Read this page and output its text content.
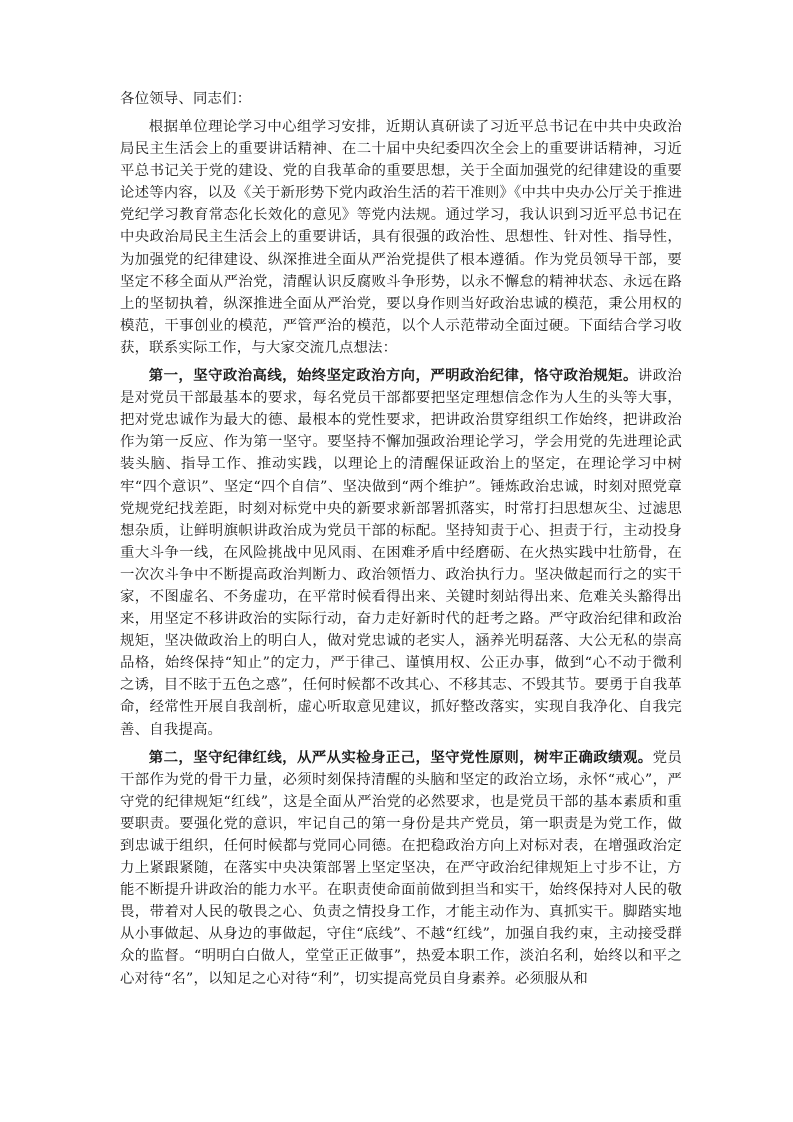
各位领导、同志们：

根据单位理论学习中心组学习安排，近期认真研读了习近平总书记在中共中央政治局民主生活会上的重要讲话精神、在二十届中央纪委四次全会上的重要讲话精神，习近平总书记关于党的建设、党的自我革命的重要思想，关于全面加强党的纪律建设的重要论述等内容，以及《关于新形势下党内政治生活的若干准则》《中共中央办公厅关于推进党纪学习教育常态化长效化的意见》等党内法规。通过学习，我认识到习近平总书记在中央政治局民主生活会上的重要讲话，具有很强的政治性、思想性、针对性、指导性，为加强党的纪律建设、纵深推进全面从严治党提供了根本遵循。作为党员领导干部，要坚定不移全面从严治党，清醒认识反腐败斗争形势，以永不懈怠的精神状态、永远在路上的坚韧执着，纵深推进全面从严治党，要以身作则当好政治忠诚的模范，秉公用权的模范，干事创业的模范，严管严治的模范，以个人示范带动全面过硬。下面结合学习收获，联系实际工作，与大家交流几点想法：

第一，坚守政治高线，始终坚定政治方向，严明政治纪律，恪守政治规矩。讲政治是对党员干部最基本的要求，每名党员干部都要把坚定理想信念作为人生的头等大事，把对党忠诚作为最大的德、最根本的党性要求，把讲政治贯穿组织工作始终，把讲政治作为第一反应、作为第一坚守。要坚持不懈加强政治理论学习，学会用党的先进理论武装头脑、指导工作、推动实践，以理论上的清醒保证政治上的坚定，在理论学习中树牢“四个意识”、坚定“四个自信”、坚决做到“两个维护”。锤炼政治忠诚，时刻对照党章党规党纪找差距，时刻对标党中央的新要求新部署抓落实，时常打扫思想灰尘、过滤思想杂质，让鲜明旗帜讲政治成为党员干部的标配。坚持知责于心、担责于行，主动投身重大斗争一线，在风险挑战中见风雨、在困难矛盾中经磨砺、在火热实践中壮筋骨，在一次次斗争中不断提高政治判断力、政治领悟力、政治执行力。坚决做起而行之的实干家，不图虚名、不务虚功，在平常时候看得出来、关键时刻站得出来、危难关头豁得出来，用坚定不移讲政治的实际行动，奋力走好新时代的赶考之路。严守政治纪律和政治规矩，坚决做政治上的明白人，做对党忠诚的老实人，涵养光明磊落、大公无私的崇高品格，始终保持“知止”的定力，严于律己、谨慎用权、公正办事，做到“心不动于微利之诱，目不眩于五色之惑”，任何时候都不改其心、不移其志、不毁其节。要勇于自我革命，经常性开展自我剖析，虚心听取意见建议，抓好整改落实，实现自我净化、自我完善、自我提高。

第二，坚守纪律红线，从严从实检身正己，坚守党性原则，树牢正确政绩观。党员干部作为党的骨干力量，必须时刻保持清醒的头脑和坚定的政治立场，永怀“戒心”，严守党的纪律规矩“红线”，这是全面从严治党的必然要求，也是党员干部的基本素质和重要职责。要强化党的意识，牢记自己的第一身份是共产党员，第一职责是为党工作，做到忠诚于组织，任何时候都与党同心同德。在把稳政治方向上对标对表，在增强政治定力上紧跟紧随，在落实中央决策部署上坚定坚决，在严守政治纪律规矩上寸步不让，方能不断提升讲政治的能力水平。在职责使命面前做到担当和实干，始终保持对人民的敬畏，带着对人民的敬畏之心、负责之情投身工作，才能主动作为、真抓实干。脚踏实地从小事做起、从身边的事做起，守住“底线”、不越“红线”，加强自我约束，主动接受群众的监督。“明明白白做人，堂堂正正做事”，热爱本职工作，淡泊名利，始终以和平之心对待“名”，以知足之心对待“利”，切实提高党员自身素养。必须服从和
